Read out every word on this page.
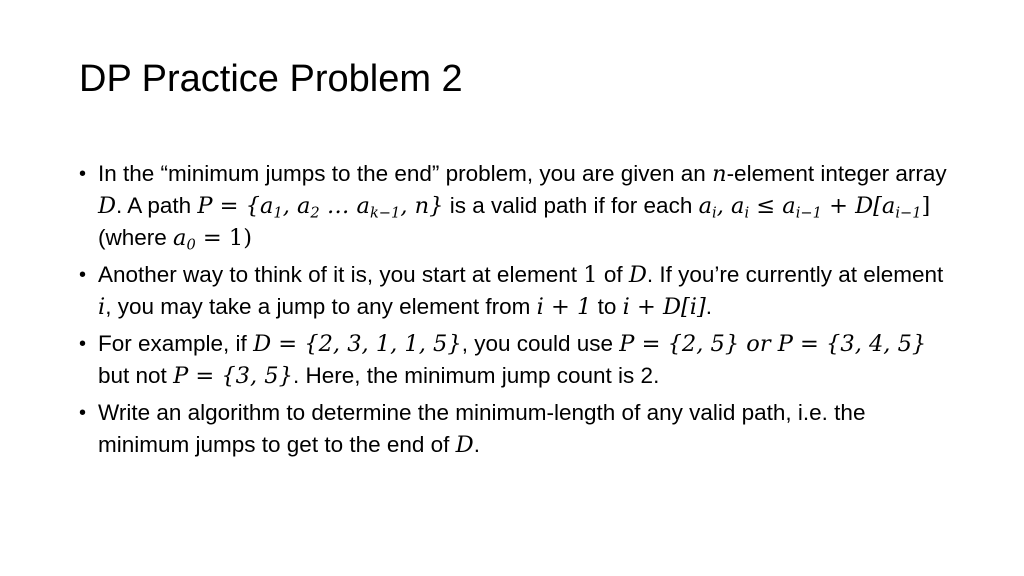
DP Practice Problem 2
• In the “minimum jumps to the end” problem, you are given an n-element integer array D. A path $P = \{a_1$, $a_2$ … $a_{k-1}$, n} is a valid path if for each $a_i$, $a_i \le a_{i-1} + D[a_{i-1}]$ (where $a_0 = 1$)
• Another way to think of it is, you start at element 1 of D. If you’re currently at element i, you may take a jump to any element from i + 1 to i + D[i].
• For example, if D = {2, 3, 1, 1, 5}, you could use P = {2, 5} or P = {3, 4, 5} but not P = {3, 5}. Here, the minimum jump count is 2.
• Write an algorithm to determine the minimum-length of any valid path, i.e. the minimum jumps to get to the end of D.
